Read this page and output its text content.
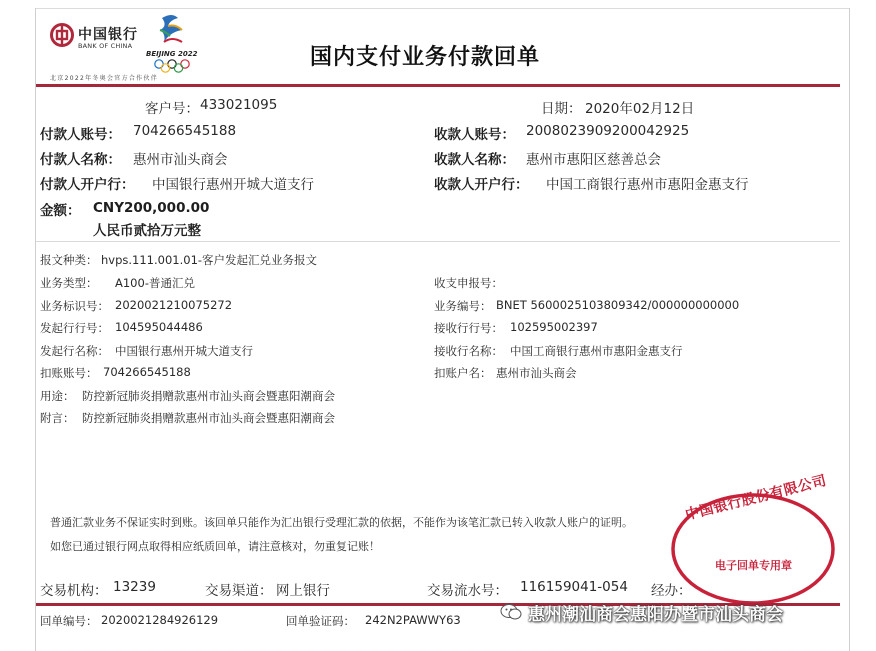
中国银行
BANK OF CHINA
BEIJING 2022
北京2022年冬奥会官方合作伙伴
国内支付业务付款回单
客户号： 433021095	日期： 2020年02月12日
付款人账号： 704266545188
付款人名称： 惠州市汕头商会
付款人开户行： 中国银行惠州开城大道支行
收款人账号： 2008023909200042925
收款人名称： 惠州市惠阳区慈善总会
收款人开户行： 中国工商银行惠州市惠阳金惠支行
金额： CNY200,000.00
人民币贰拾万元整
报文种类： hvps.111.001.01-客户发起汇兑业务报文
业务类型： A100-普通汇兑	收支申报号：
业务标识号： 2020021210075272	业务编号： BNET 5600025103809342/000000000000
发起行行号： 104595044486	接收行行号： 102595002397
发起行名称： 中国银行惠州开城大道支行	接收行名称： 中国工商银行惠州市惠阳金惠支行
扣账账号： 704266545188	扣账户名： 惠州市汕头商会
用途： 防控新冠肺炎捐赠款惠州市汕头商会暨惠阳潮商会
附言： 防控新冠肺炎捐赠款惠州市汕头商会暨惠阳潮商会
普通汇款业务不保证实时到账。该回单只能作为汇出银行受理汇款的依据，不能作为该笔汇款已转入收款人账户的证明。
如您已通过银行网点取得相应纸质回单，请注意核对，勿重复记账！
中国银行股份有限公司
电子回单专用章
交易机构： 13239	交易渠道： 网上银行	交易流水号： 116159041-054 经办：
回单编号： 2020021284926129	回单验证码： 242N2PAWWY63	惠州潮汕商会惠阳办暨市汕头商会
